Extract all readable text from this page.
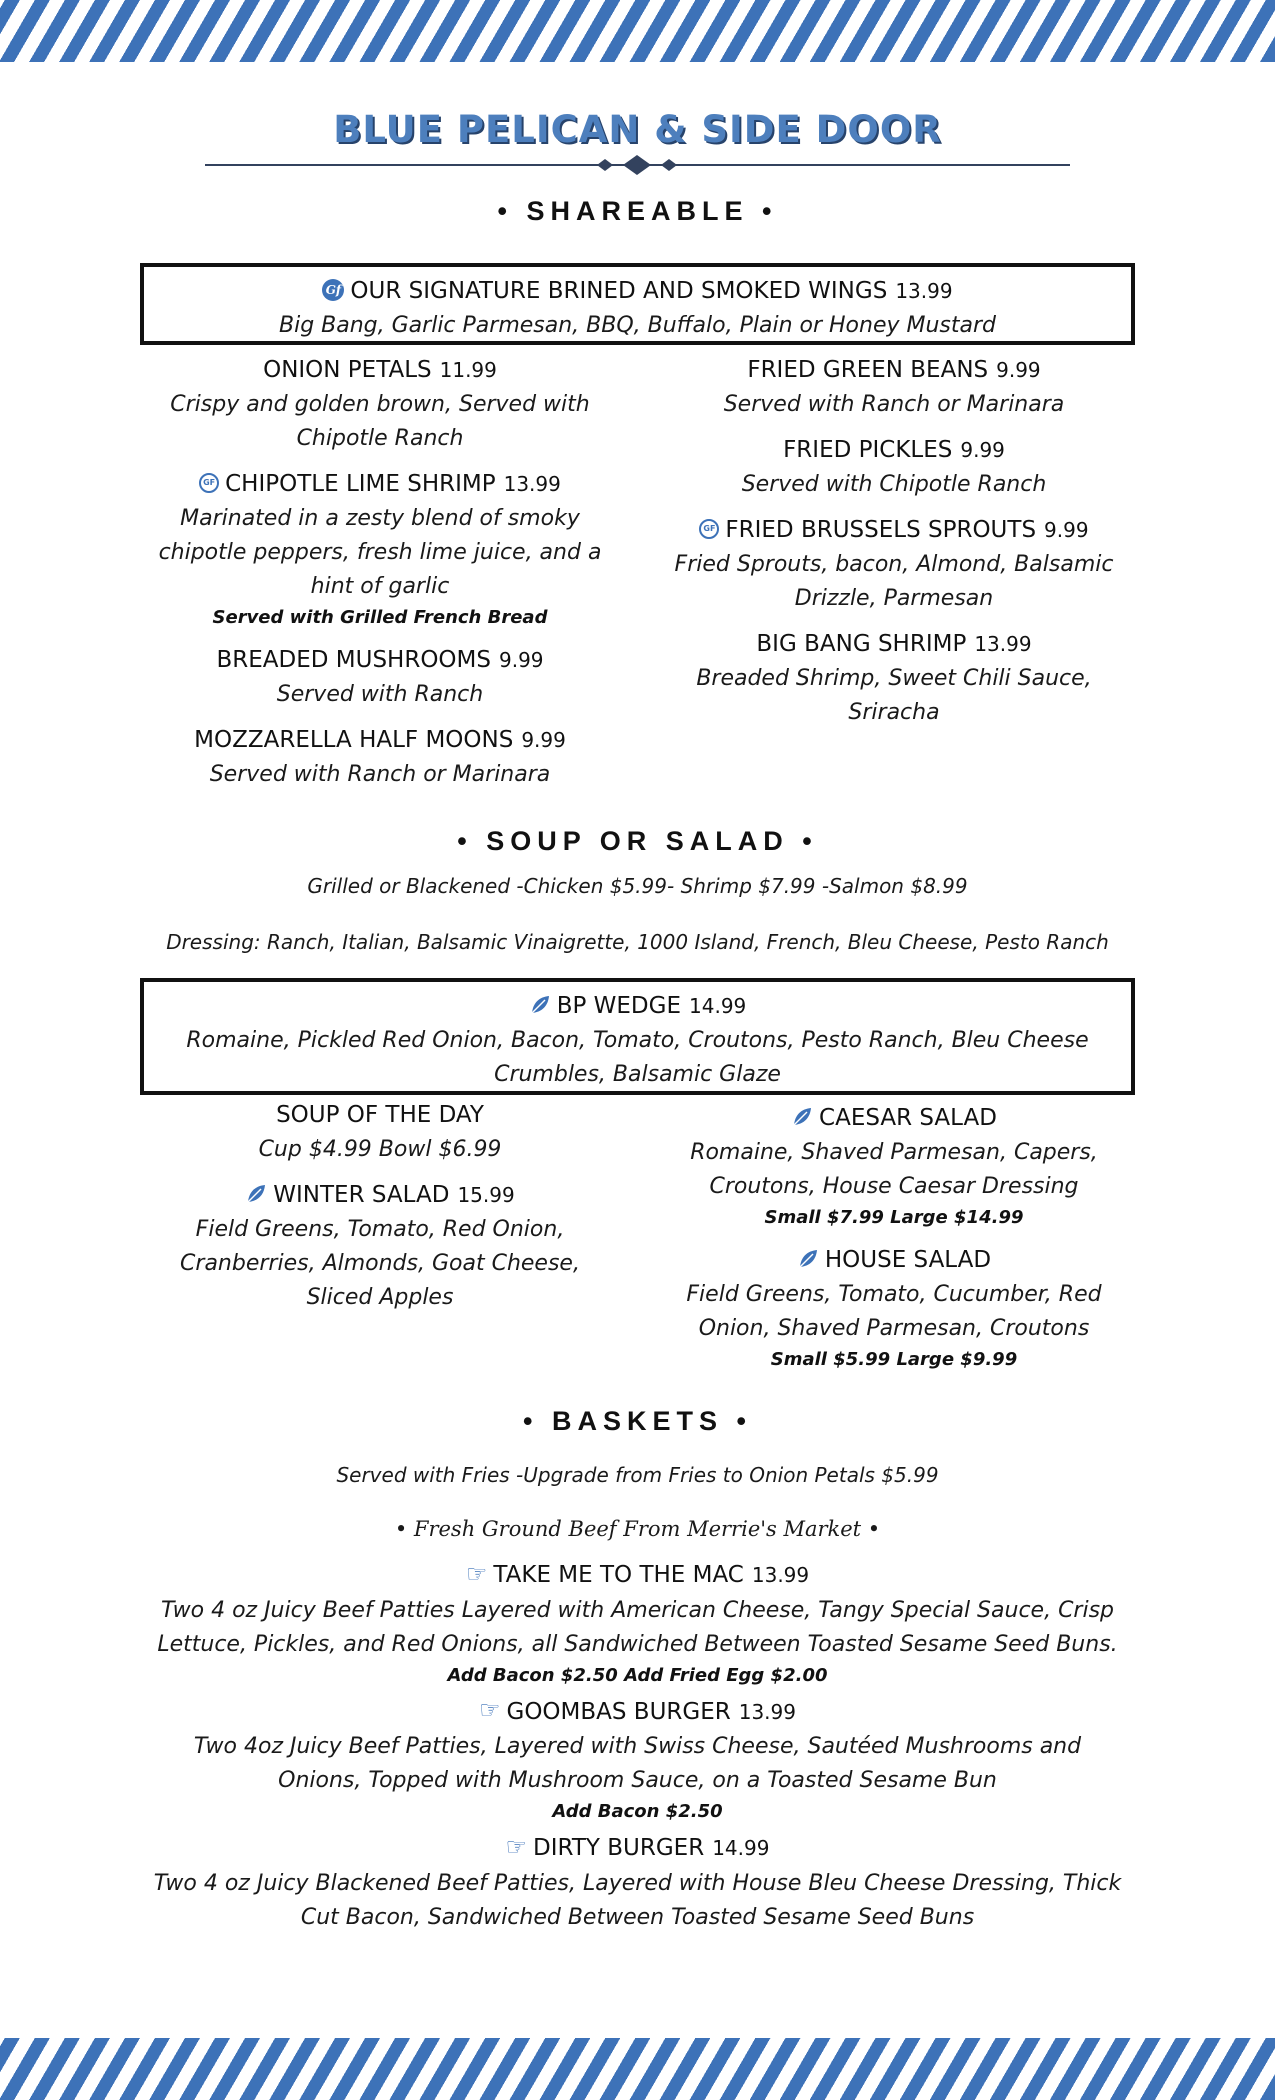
BLUE PELICAN & SIDE DOOR
• SHAREABLE •
Gf OUR SIGNATURE BRINED AND SMOKED WINGS 13.99
Big Bang, Garlic Parmesan, BBQ, Buffalo, Plain or Honey Mustard
ONION PETALS 11.99
Crispy and golden brown, Served with Chipotle Ranch
GF CHIPOTLE LIME SHRIMP 13.99
Marinated in a zesty blend of smoky chipotle peppers, fresh lime juice, and a hint of garlic
Served with Grilled French Bread
BREADED MUSHROOMS 9.99
Served with Ranch
MOZZARELLA HALF MOONS 9.99
Served with Ranch or Marinara
FRIED GREEN BEANS 9.99
Served with Ranch or Marinara
FRIED PICKLES 9.99
Served with Chipotle Ranch
GF FRIED BRUSSELS SPROUTS 9.99
Fried Sprouts, bacon, Almond, Balsamic Drizzle, Parmesan
BIG BANG SHRIMP 13.99
Breaded Shrimp, Sweet Chili Sauce, Sriracha
• SOUP OR SALAD •
Grilled or Blackened -Chicken $5.99- Shrimp $7.99 -Salmon $8.99
Dressing: Ranch, Italian, Balsamic Vinaigrette, 1000 Island, French, Bleu Cheese, Pesto Ranch
BP WEDGE 14.99
Romaine, Pickled Red Onion, Bacon, Tomato, Croutons, Pesto Ranch, Bleu Cheese Crumbles, Balsamic Glaze
SOUP OF THE DAY
Cup $4.99 Bowl $6.99
WINTER SALAD 15.99
Field Greens, Tomato, Red Onion, Cranberries, Almonds, Goat Cheese, Sliced Apples
CAESAR SALAD
Romaine, Shaved Parmesan, Capers, Croutons, House Caesar Dressing
Small $7.99 Large $14.99
HOUSE SALAD
Field Greens, Tomato, Cucumber, Red Onion, Shaved Parmesan, Croutons
Small $5.99 Large $9.99
• BASKETS •
Served with Fries -Upgrade from Fries to Onion Petals $5.99
• Fresh Ground Beef From Merrie's Market •
☞ TAKE ME TO THE MAC 13.99
Two 4 oz Juicy Beef Patties Layered with American Cheese, Tangy Special Sauce, Crisp Lettuce, Pickles, and Red Onions, all Sandwiched Between Toasted Sesame Seed Buns.
Add Bacon $2.50 Add Fried Egg $2.00
☞ GOOMBAS BURGER 13.99
Two 4oz Juicy Beef Patties, Layered with Swiss Cheese, Sautéed Mushrooms and Onions, Topped with Mushroom Sauce, on a Toasted Sesame Bun
Add Bacon $2.50
☞ DIRTY BURGER 14.99
Two 4 oz Juicy Blackened Beef Patties, Layered with House Bleu Cheese Dressing, Thick Cut Bacon, Sandwiched Between Toasted Sesame Seed Buns
